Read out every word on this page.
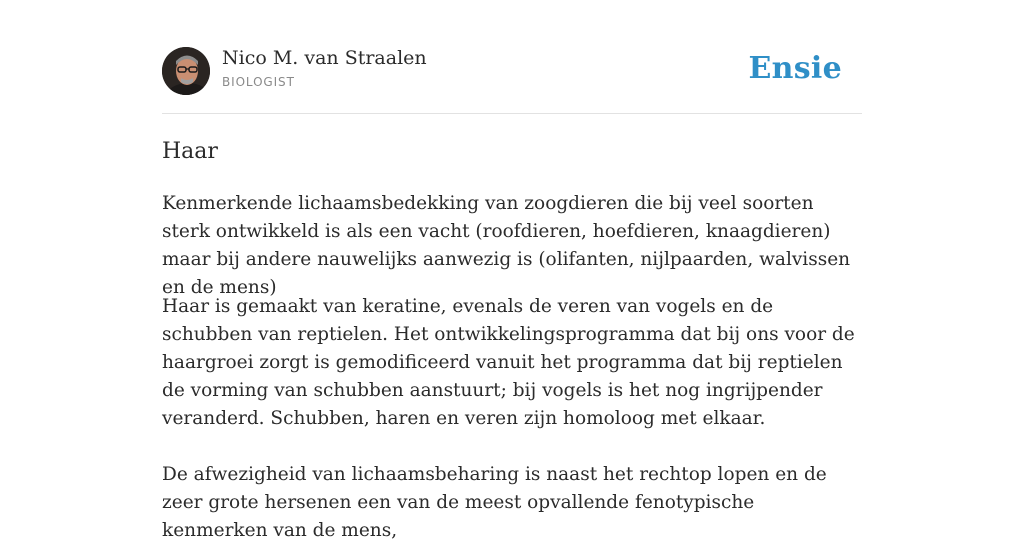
Nico M. van Straalen
BIOLOGIST	Ensie
Haar

Kenmerkende lichaamsbedekking van zoogdieren die bij veel soorten sterk ontwikkeld is als een vacht (roofdieren, hoefdieren, knaagdieren) maar bij andere nauwelijks aanwezig is (olifanten, nijlpaarden, walvissen en de mens)

Haar is gemaakt van keratine, evenals de veren van vogels en de schubben van reptielen. Het ontwikkelingsprogramma dat bij ons voor de haargroei zorgt is gemodificeerd vanuit het programma dat bij reptielen de vorming van schubben aanstuurt; bij vogels is het nog ingrijpender veranderd. Schubben, haren en veren zijn homoloog met elkaar.

De afwezigheid van lichaamsbeharing is naast het rechtop lopen en de zeer grote hersenen een van de meest opvallende fenotypische kenmerken van de mens,
